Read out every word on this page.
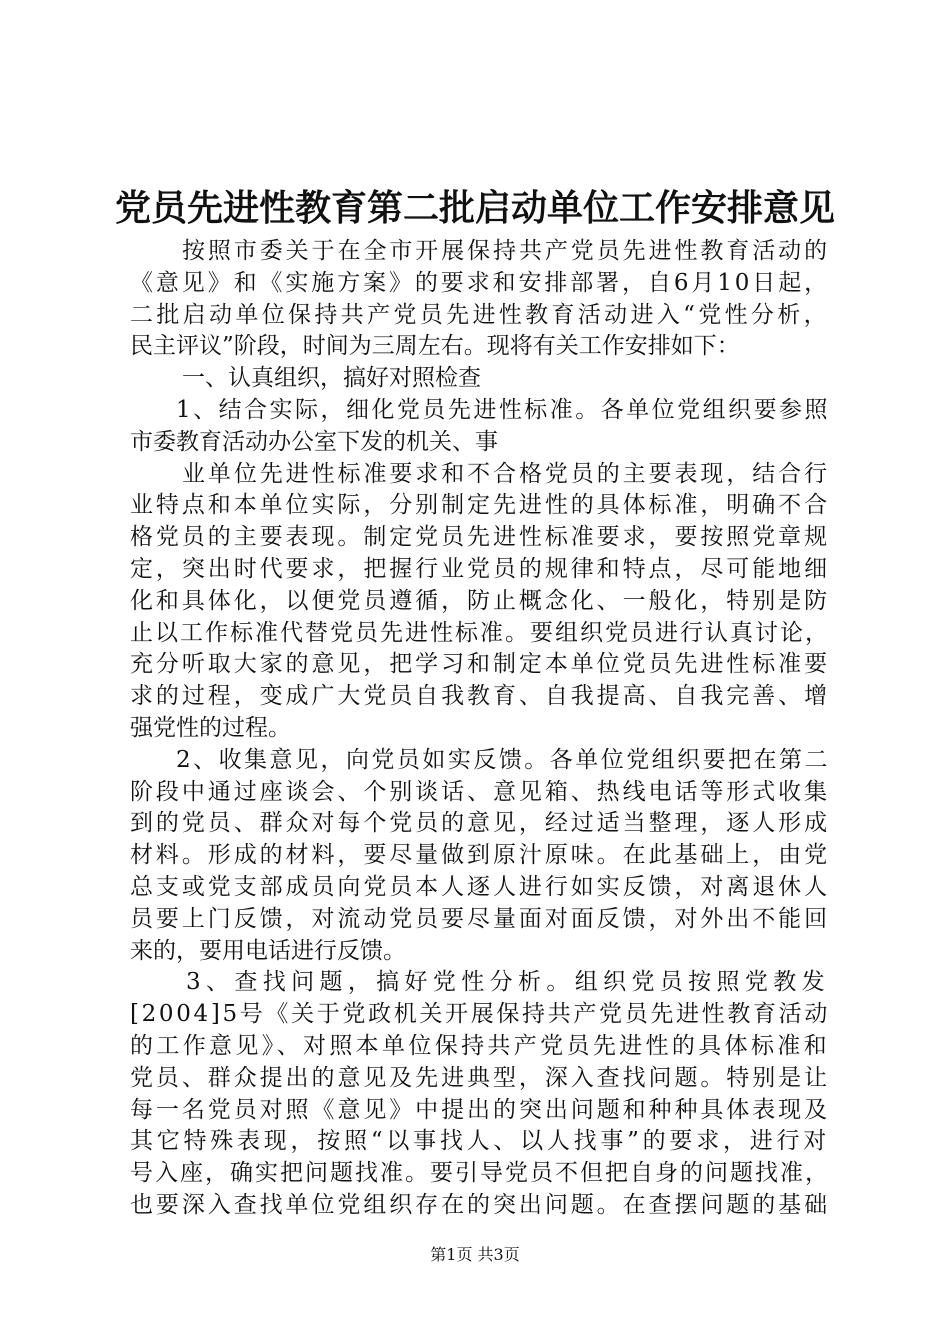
党员先进性教育第二批启动单位工作安排意见
按照市委关于在全市开展保持共产党员先进性教育活动的
《意见》和《实施方案》的要求和安排部署，自6月10日起，
二批启动单位保持共产党员先进性教育活动进入“党性分析，
民主评议”阶段，时间为三周左右。现将有关工作安排如下：
一、认真组织，搞好对照检查
1、结合实际，细化党员先进性标准。各单位党组织要参照
市委教育活动办公室下发的机关、事
业单位先进性标准要求和不合格党员的主要表现，结合行
业特点和本单位实际，分别制定先进性的具体标准，明确不合
格党员的主要表现。制定党员先进性标准要求，要按照党章规
定，突出时代要求，把握行业党员的规律和特点，尽可能地细
化和具体化，以便党员遵循，防止概念化、一般化，特别是防
止以工作标准代替党员先进性标准。要组织党员进行认真讨论，
充分听取大家的意见，把学习和制定本单位党员先进性标准要
求的过程，变成广大党员自我教育、自我提高、自我完善、增
强党性的过程。
2、收集意见，向党员如实反馈。各单位党组织要把在第二
阶段中通过座谈会、个别谈话、意见箱、热线电话等形式收集
到的党员、群众对每个党员的意见，经过适当整理，逐人形成
材料。形成的材料，要尽量做到原汁原味。在此基础上，由党
总支或党支部成员向党员本人逐人进行如实反馈，对离退休人
员要上门反馈，对流动党员要尽量面对面反馈，对外出不能回
来的，要用电话进行反馈。
3、查找问题，搞好党性分析。组织党员按照党教发
[2004]5号《关于党政机关开展保持共产党员先进性教育活动
的工作意见》、对照本单位保持共产党员先进性的具体标准和
党员、群众提出的意见及先进典型，深入查找问题。特别是让
每一名党员对照《意见》中提出的突出问题和种种具体表现及
其它特殊表现，按照“以事找人、以人找事”的要求，进行对
号入座，确实把问题找准。要引导党员不但把自身的问题找准，
也要深入查找单位党组织存在的突出问题。在查摆问题的基础
第1页 共3页
